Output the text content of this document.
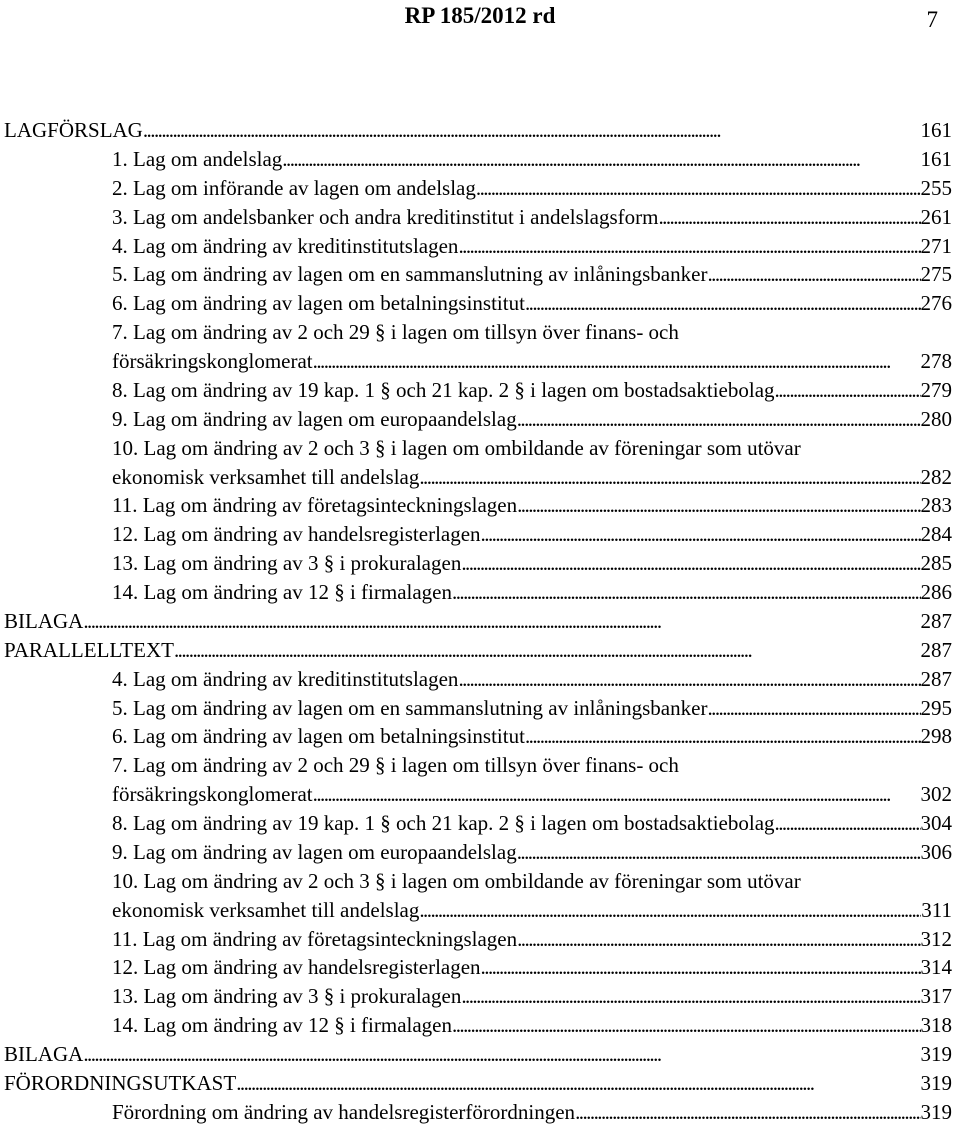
RP 185/2012 rd	7
LAGFÖRSLAG . . .	161
1. Lag om andelslag . . .	161
2. Lag om införande av lagen om andelslag . . .	255
3. Lag om andelsbanker och andra kreditinstitut i andelslagsform . . .	261
4. Lag om ändring av kreditinstitutslagen . . .	271
5. Lag om ändring av lagen om en sammanslutning av inlåningsbanker . . .	275
6. Lag om ändring av lagen om betalningsinstitut . . .	276
7. Lag om ändring av 2 och 29 § i lagen om tillsyn över finans- och
försäkringskonglomerat . . .	278
8. Lag om ändring av 19 kap. 1 § och 21 kap. 2 § i lagen om bostadsaktiebolag . . .	279
9. Lag om ändring av lagen om europaandelslag . . .	280
10. Lag om ändring av 2 och 3 § i lagen om ombildande av föreningar som utövar
ekonomisk verksamhet till andelslag . . .	282
11. Lag om ändring av företagsinteckningslagen . . .	283
12. Lag om ändring av handelsregisterlagen . . .	284
13. Lag om ändring av 3 § i prokuralagen . . .	285
14. Lag om ändring av 12 § i firmalagen . . .	286
BILAGA . . .	287
PARALLELLTEXT . . .	287
4. Lag om ändring av kreditinstitutslagen . . .	287
5. Lag om ändring av lagen om en sammanslutning av inlåningsbanker . . .	295
6. Lag om ändring av lagen om betalningsinstitut . . .	298
7. Lag om ändring av 2 och 29 § i lagen om tillsyn över finans- och
försäkringskonglomerat . . .	302
8. Lag om ändring av 19 kap. 1 § och 21 kap. 2 § i lagen om bostadsaktiebolag . . .	304
9. Lag om ändring av lagen om europaandelslag . . .	306
10. Lag om ändring av 2 och 3 § i lagen om ombildande av föreningar som utövar
ekonomisk verksamhet till andelslag . . .	311
11. Lag om ändring av företagsinteckningslagen . . .	312
12. Lag om ändring av handelsregisterlagen . . .	314
13. Lag om ändring av 3 § i prokuralagen . . .	317
14. Lag om ändring av 12 § i firmalagen . . .	318
BILAGA . . .	319
FÖRORDNINGSUTKAST . . .	319
Förordning om ändring av handelsregisterförordningen . . .	319
